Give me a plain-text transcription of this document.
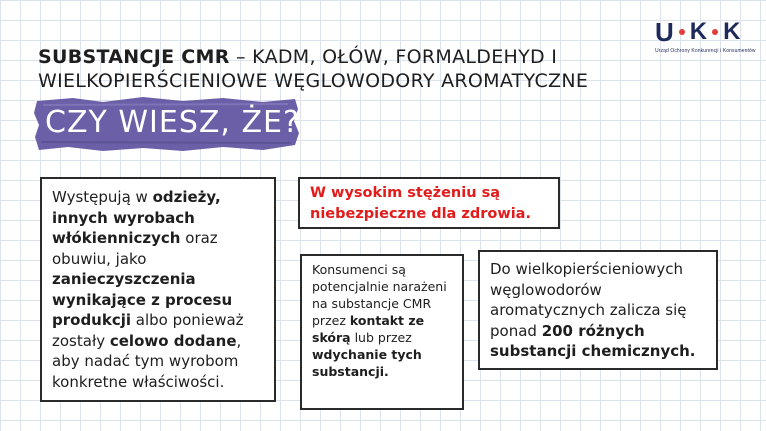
U K K
Urząd Ochrony Konkurencji i Konsumentów
SUBSTANCJE CMR – KADM, OŁÓW, FORMALDEHYD I WIELKOPIERŚCIENIOWE WĘGLOWODORY AROMATYCZNE
CZY WIESZ, ŻE?
Występują w odzieży, innych wyrobach włókienniczych oraz obuwiu, jako zanieczyszczenia wynikające z procesu produkcji albo ponieważ zostały celowo dodane, aby nadać tym wyrobom konkretne właściwości.
W wysokim stężeniu są niebezpieczne dla zdrowia.
Konsumenci są potencjalnie narażeni na substancje CMR przez kontakt ze skórą lub przez wdychanie tych substancji.
Do wielkopierścieniowych węglowodorów aromatycznych zalicza się ponad 200 różnych substancji chemicznych.
